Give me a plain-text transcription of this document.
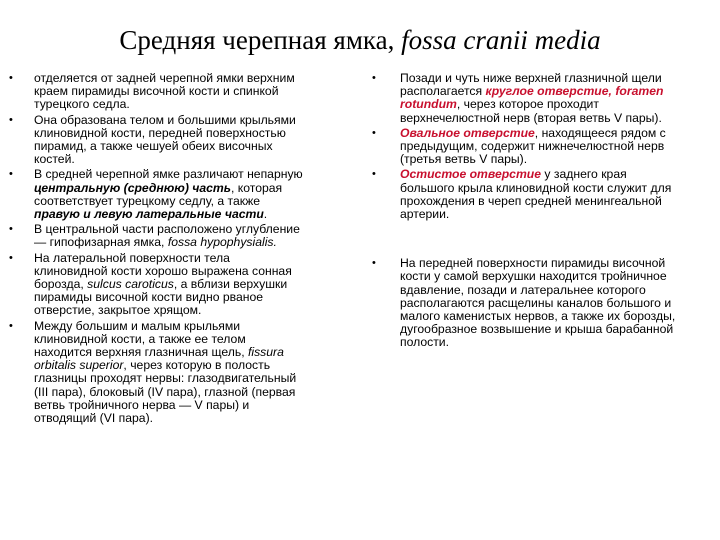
Средняя черепная ямка, fossa cranii media
• отделяется от задней черепной ямки верхним краем пирамиды височной кости и спинкой турецкого седла.
• Она образована телом и большими крыльями клиновидной кости, передней поверхностью пирамид, а также чешуей обеих височных костей.
• В средней черепной ямке различают непарную центральную (среднюю) часть, которая соответствует турецкому седлу, а также правую и левую латеральные части.
• В центральной части расположено углубление — гипофизарная ямка, fossa hypophysialis.
• На латеральной поверхности тела клиновидной кости хорошо выражена сонная борозда, sulcus caroticus, а вблизи верхушки пирамиды височной кости видно рваное отверстие, закрытое хрящом.
• Между большим и малым крыльями клиновидной кости, а также ее телом находится верхняя глазничная щель, fissura orbitalis superior, через которую в полость глазницы проходят нервы: глазодвигательный (III пара), блоковый (IV пара), глазной (первая ветвь тройничного нерва — V пары) и отводящий (VI пара).
• Позади и чуть ниже верхней глазничной щели располагается круглое отверстие, foramen rotundum, через которое проходит верхнечелюстной нерв (вторая ветвь V пары).
• Овальное отверстие, находящееся рядом с предыдущим, содержит нижнечелюстной нерв (третья ветвь V пары).
• Остистое отверстие у заднего края большого крыла клиновидной кости служит для прохождения в череп средней менингеальной артерии.
• На передней поверхности пирамиды височной кости у самой верхушки находится тройничное вдавление, позади и латеральнее которого располагаются расщелины каналов большого и малого каменистых нервов, а также их борозды, дугообразное возвышение и крыша барабанной полости.
